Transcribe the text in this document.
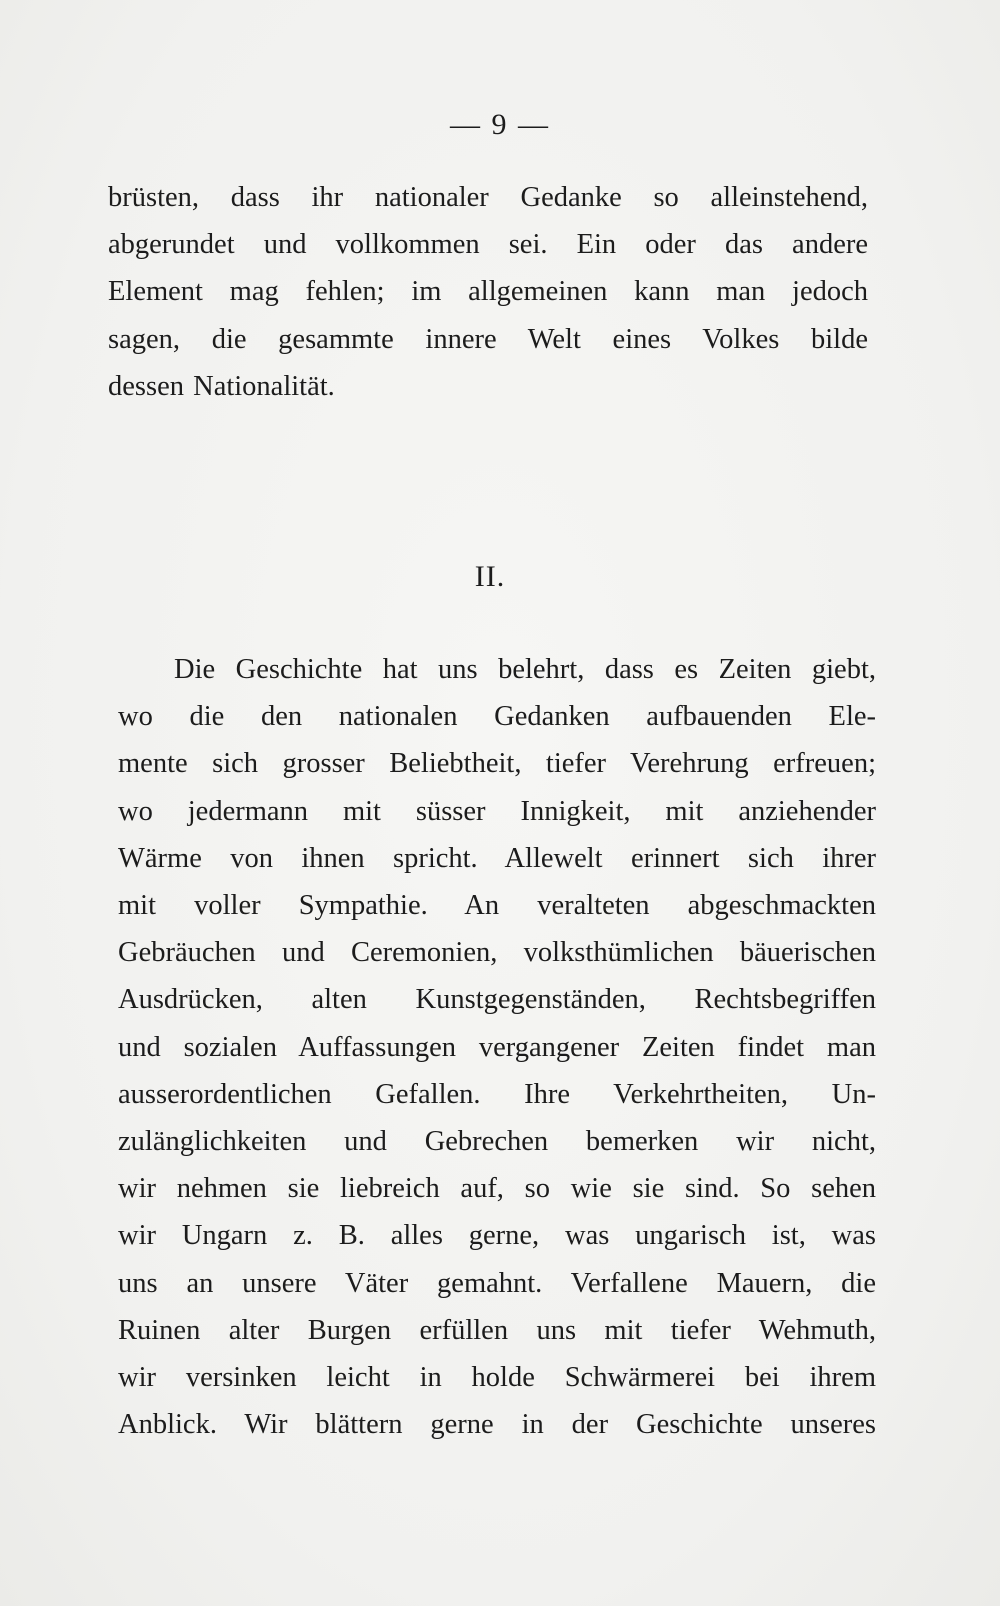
— 9 —
brüsten, dass ihr nationaler Gedanke so alleinstehend,
abgerundet und vollkommen sei. Ein oder das andere
Element mag fehlen; im allgemeinen kann man jedoch
sagen, die gesammte innere Welt eines Volkes bilde
dessen Nationalität.
II.
Die Geschichte hat uns belehrt, dass es Zeiten giebt,
wo die den nationalen Gedanken aufbauenden Ele-
mente sich grosser Beliebtheit, tiefer Verehrung erfreuen;
wo jedermann mit süsser Innigkeit, mit anziehender
Wärme von ihnen spricht. Allewelt erinnert sich ihrer
mit voller Sympathie. An veralteten abgeschmackten
Gebräuchen und Ceremonien, volksthümlichen bäuerischen
Ausdrücken, alten Kunstgegenständen, Rechtsbegriffen
und sozialen Auffassungen vergangener Zeiten findet man
ausserordentlichen Gefallen. Ihre Verkehrtheiten, Un-
zulänglichkeiten und Gebrechen bemerken wir nicht,
wir nehmen sie liebreich auf, so wie sie sind. So sehen
wir Ungarn z. B. alles gerne, was ungarisch ist, was
uns an unsere Väter gemahnt. Verfallene Mauern, die
Ruinen alter Burgen erfüllen uns mit tiefer Wehmuth,
wir versinken leicht in holde Schwärmerei bei ihrem
Anblick. Wir blättern gerne in der Geschichte unseres
